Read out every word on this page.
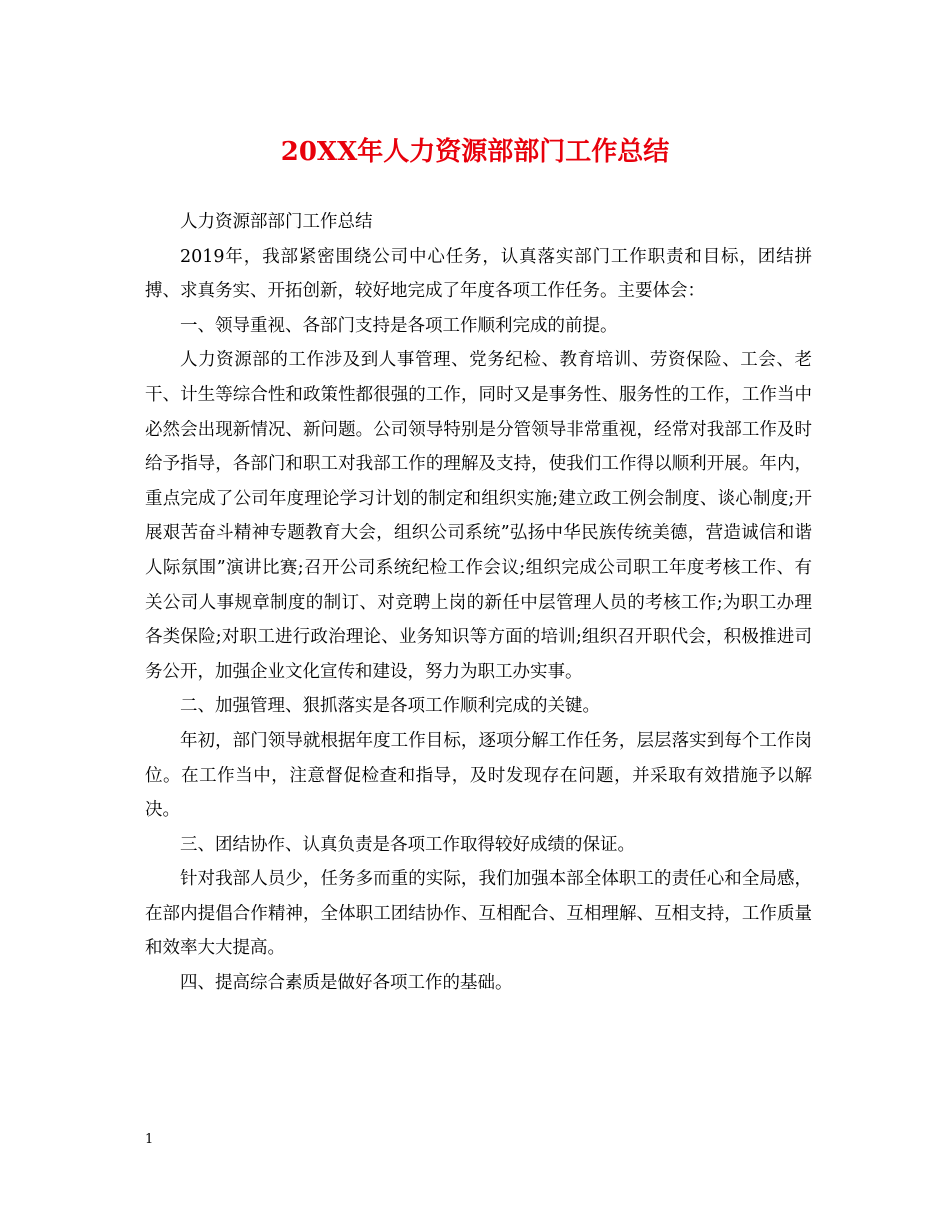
20XX年人力资源部部门工作总结

人力资源部部门工作总结

2019年，我部紧密围绕公司中心任务，认真落实部门工作职责和目标，团结拼搏、求真务实、开拓创新，较好地完成了年度各项工作任务。主要体会：

一、领导重视、各部门支持是各项工作顺利完成的前提。

人力资源部的工作涉及到人事管理、党务纪检、教育培训、劳资保险、工会、老干、计生等综合性和政策性都很强的工作，同时又是事务性、服务性的工作，工作当中必然会出现新情况、新问题。公司领导特别是分管领导非常重视，经常对我部工作及时给予指导，各部门和职工对我部工作的理解及支持，使我们工作得以顺利开展。年内，重点完成了公司年度理论学习计划的制定和组织实施;建立政工例会制度、谈心制度;开展艰苦奋斗精神专题教育大会，组织公司系统”弘扬中华民族传统美德，营造诚信和谐人际氛围”演讲比赛;召开公司系统纪检工作会议;组织完成公司职工年度考核工作、有关公司人事规章制度的制订、对竞聘上岗的新任中层管理人员的考核工作;为职工办理各类保险;对职工进行政治理论、业务知识等方面的培训;组织召开职代会，积极推进司务公开，加强企业文化宣传和建设，努力为职工办实事。

二、加强管理、狠抓落实是各项工作顺利完成的关键。

年初，部门领导就根据年度工作目标，逐项分解工作任务，层层落实到每个工作岗位。在工作当中，注意督促检查和指导，及时发现存在问题，并采取有效措施予以解决。

三、团结协作、认真负责是各项工作取得较好成绩的保证。

针对我部人员少，任务多而重的实际，我们加强本部全体职工的责任心和全局感，在部内提倡合作精神，全体职工团结协作、互相配合、互相理解、互相支持，工作质量和效率大大提高。

四、提高综合素质是做好各项工作的基础。

1
